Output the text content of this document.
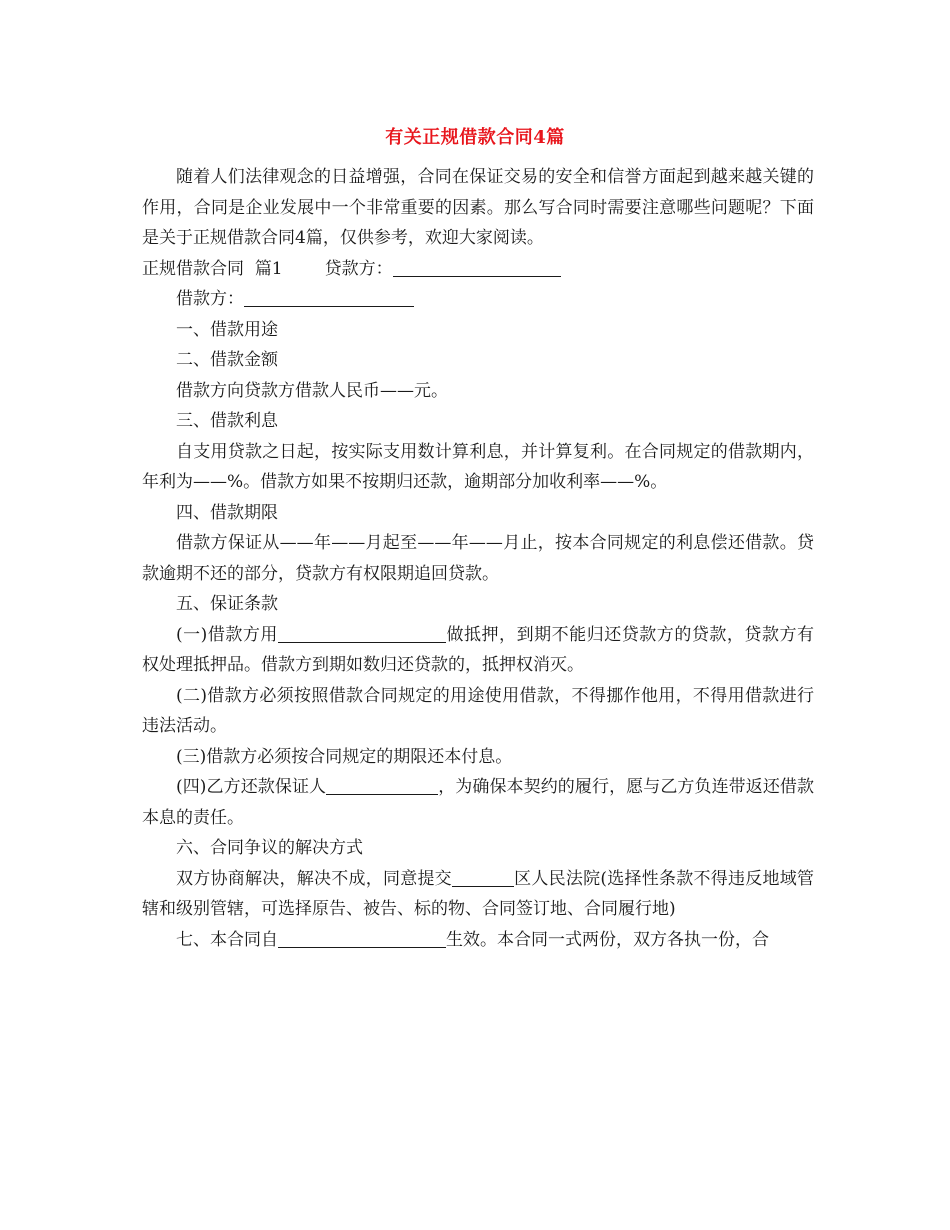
有关正规借款合同4篇

随着人们法律观念的日益增强，合同在保证交易的安全和信誉方面起到越来越关键的作用，合同是企业发展中一个非常重要的因素。那么写合同时需要注意哪些问题呢？下面是关于正规借款合同4篇，仅供参考，欢迎大家阅读。

正规借款合同 篇1 贷款方：

借款方：

一、借款用途

二、借款金额

借款方向贷款方借款人民币——元。

三、借款利息

自支用贷款之日起，按实际支用数计算利息，并计算复利。在合同规定的借款期内，年利为——%。借款方如果不按期归还款，逾期部分加收利率——%。

四、借款期限

借款方保证从——年——月起至——年——月止，按本合同规定的利息偿还借款。贷款逾期不还的部分，贷款方有权限期追回贷款。

五、保证条款

(一)借款方用	做抵押，到期不能归还贷款方的贷款，贷款方有权处理抵押品。借款方到期如数归还贷款的，抵押权消灭。

(二)借款方必须按照借款合同规定的用途使用借款，不得挪作他用，不得用借款进行违法活动。

(三)借款方必须按合同规定的期限还本付息。

(四)乙方还款保证人	，为确保本契约的履行，愿与乙方负连带返还借款本息的责任。

六、合同争议的解决方式

双方协商解决，解决不成，同意提交	区人民法院(选择性条款不得违反地域管辖和级别管辖，可选择原告、被告、标的物、合同签订地、合同履行地)

七、本合同自	生效。本合同一式两份，双方各执一份，合
